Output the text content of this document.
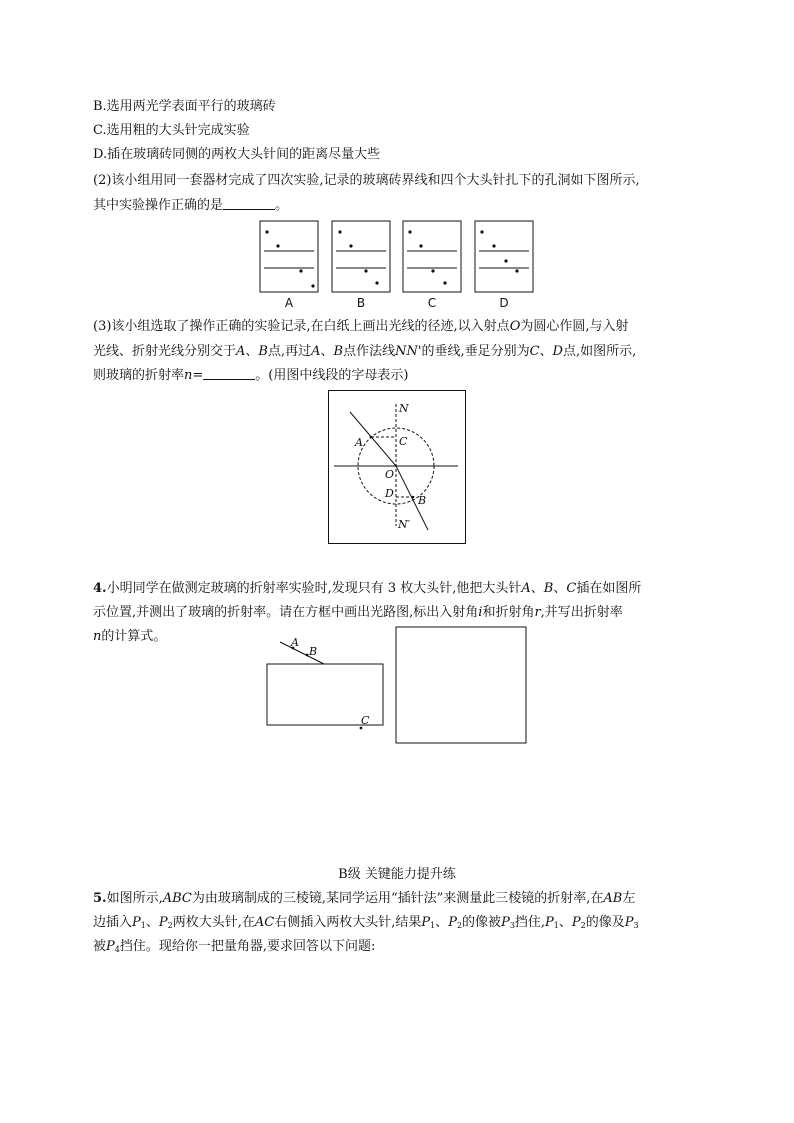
B.选用两光学表面平行的玻璃砖
C.选用粗的大头针完成实验
D.插在玻璃砖同侧的两枚大头针间的距离尽量大些
(2)该小组用同一套器材完成了四次实验,记录的玻璃砖界线和四个大头针扎下的孔洞如下图所示,
其中实验操作正确的是	。
A	B	C	D
(3)该小组选取了操作正确的实验记录,在白纸上画出光线的径迹,以入射点O为圆心作圆,与入射
光线、折射光线分别交于A、B点,再过A、B点作法线NN'的垂线,垂足分别为C、D点,如图所示,
则玻璃的折射率n=	。(用图中线段的字母表示)
N
A	C
O
D
B
N′
4.小明同学在做测定玻璃的折射率实验时,发现只有 3 枚大头针,他把大头针A、B、C插在如图所
示位置,并测出了玻璃的折射率。请在方框中画出光路图,标出入射角i和折射角r,并写出折射率
n的计算式。	A
B
C
B级 关键能力提升练
5.如图所示,ABC为由玻璃制成的三棱镜,某同学运用“插针法”来测量此三棱镜的折射率,在AB左
边插入$P_1$、$P_2$两枚大头针,在AC右侧插入两枚大头针,结果$P_1$、$P_2$的像被$P_3$挡住$,P_1$、$P_2$的像及$P_3$
被$P_4$挡住。现给你一把量角器,要求回答以下问题:
